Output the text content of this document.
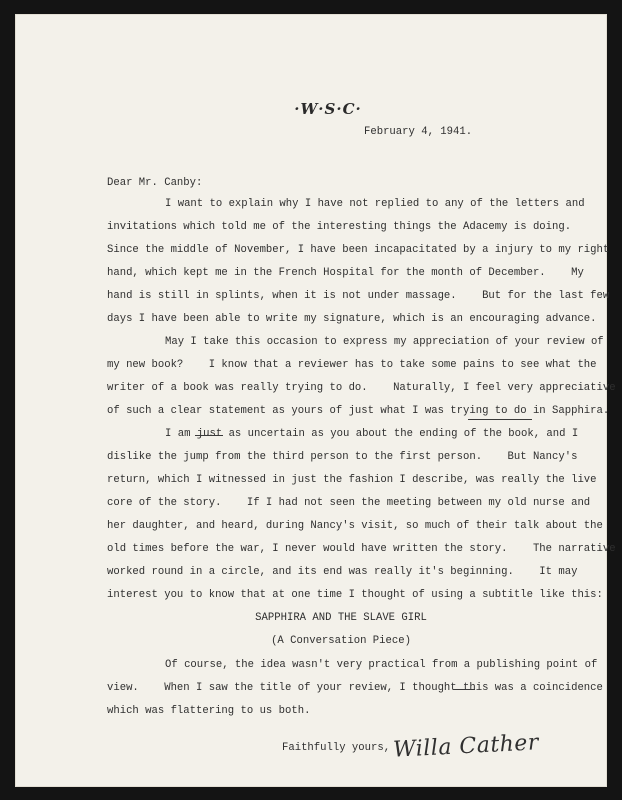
·W·S·C·

February 4, 1941.

Dear Mr. Canby:

I want to explain why I have not replied to any of the letters and

invitations which told me of the interesting things the Adacemy is doing.

Since the middle of November, I have been incapacitated by a injury to my right

hand, which kept me in the French Hospital for the month of December.    My

hand is still in splints, when it is not under massage.    But for the last few

days I have been able to write my signature, which is an encouraging advance.

May I take this occasion to express my appreciation of your review of

my new book?    I know that a reviewer has to take some pains to see what the

writer of a book was really trying to do.    Naturally, I feel very appreciative

of such a clear statement as yours of just what I was trying to do in Sapphira.

I am just as uncertain as you about the ending of the book, and I

dislike the jump from the third person to the first person.    But Nancy's

return, which I witnessed in just the fashion I describe, was really the live

core of the story.    If I had not seen the meeting between my old nurse and

her daughter, and heard, during Nancy's visit, so much of their talk about the

old times before the war, I never would have written the story.    The narrative

worked round in a circle, and its end was really it's beginning.    It may

interest you to know that at one time I thought of using a subtitle like this:

SAPPHIRA AND THE SLAVE GIRL

(A Conversation Piece)

Of course, the idea wasn't very practical from a publishing point of

view.    When I saw the title of your review, I thought this was a coincidence

which was flattering to us both.

Faithfully yours, Willa Cather
